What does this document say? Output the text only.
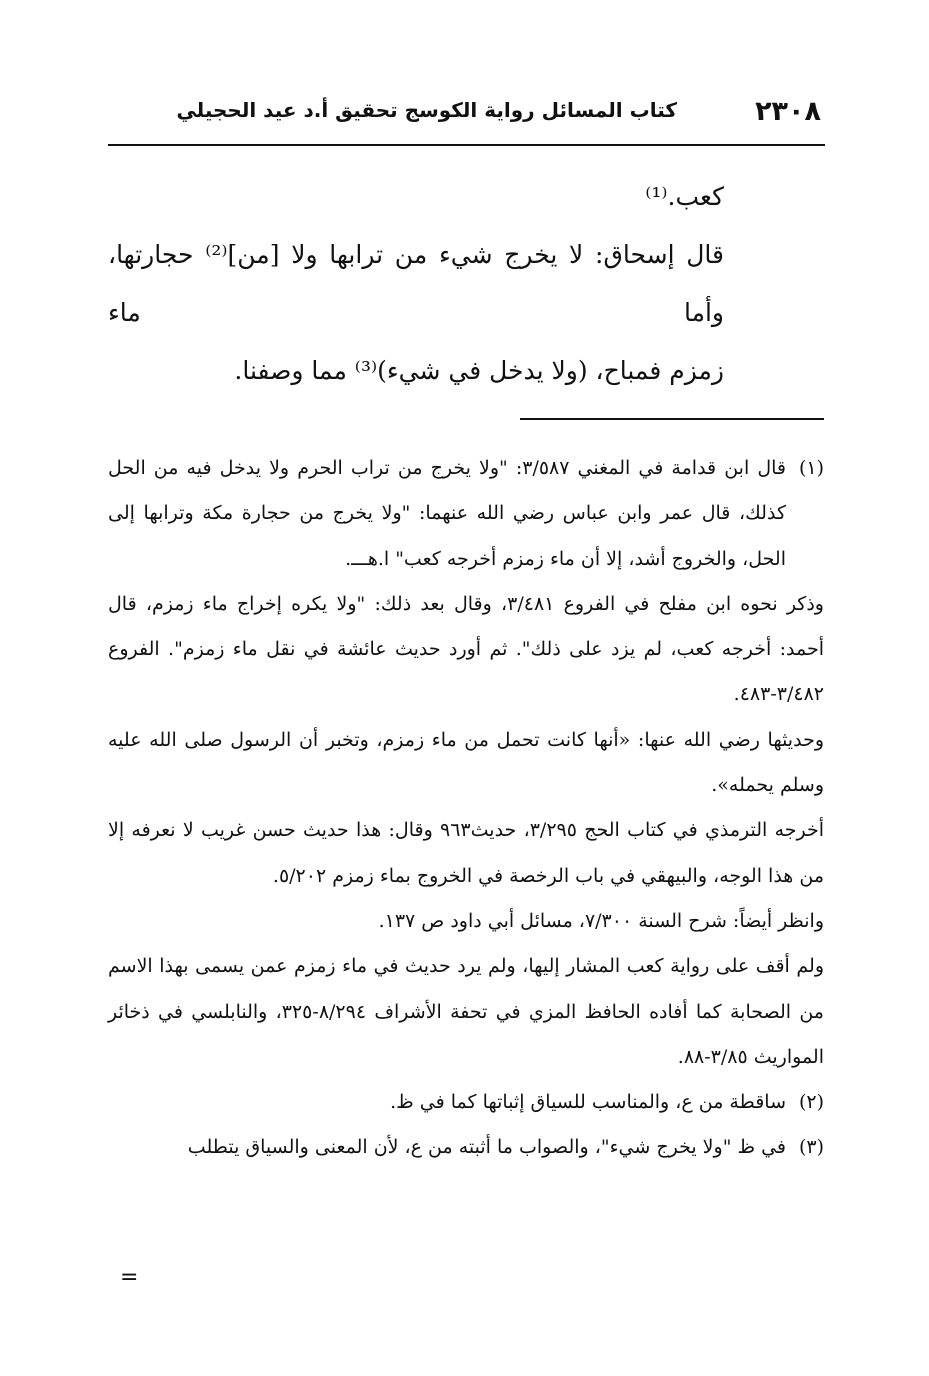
٢٣٠٨
كتاب المسائل رواية الكوسج تحقيق أ.د عيد الحجيلي

كعب.⁽¹⁾

قال إسحاق: لا يخرج شيء من ترابها ولا [من]⁽²⁾ حجارتها، وأما ماء

زمزم فمباح، (ولا يدخل في شيء)⁽³⁾ مما وصفنا.

(١)قال ابن قدامة في المغني ٣/٥٨٧: "ولا يخرج من تراب الحرم ولا يدخل فيه من الحل كذلك، قال عمر وابن عباس رضي الله عنهما: "ولا يخرج من حجارة مكة وترابها إلى الحل، والخروج أشد، إلا أن ماء زمزم أخرجه كعب" ا.هـــ.

وذكر نحوه ابن مفلح في الفروع ٣/٤٨١، وقال بعد ذلك: "ولا يكره إخراج ماء زمزم، قال أحمد: أخرجه كعب، لم يزد على ذلك". ثم أورد حديث عائشة في نقل ماء زمزم". الفروع ٣/٤٨٢-٤٨٣.

وحديثها رضي الله عنها: «أنها كانت تحمل من ماء زمزم، وتخبر أن الرسول صلى الله عليه وسلم يحمله».

أخرجه الترمذي في كتاب الحج ٣/٢٩٥، حديث٩٦٣ وقال: هذا حديث حسن غريب لا نعرفه إلا من هذا الوجه، والبيهقي في باب الرخصة في الخروج بماء زمزم ٥/٢٠٢.

وانظر أيضاً: شرح السنة ٧/٣٠٠، مسائل أبي داود ص ١٣٧.

ولم أقف على رواية كعب المشار إليها، ولم يرد حديث في ماء زمزم عمن يسمى بهذا الاسم من الصحابة كما أفاده الحافظ المزي في تحفة الأشراف ٨/٢٩٤-٣٢٥، والنابلسي في ذخائر المواريث ٣/٨٥-٨٨.

(٢)ساقطة من ع، والمناسب للسياق إثباتها كما في ظ.

(٣)في ظ "ولا يخرج شيء"، والصواب ما أثبته من ع، لأن المعنى والسياق يتطلب

=
